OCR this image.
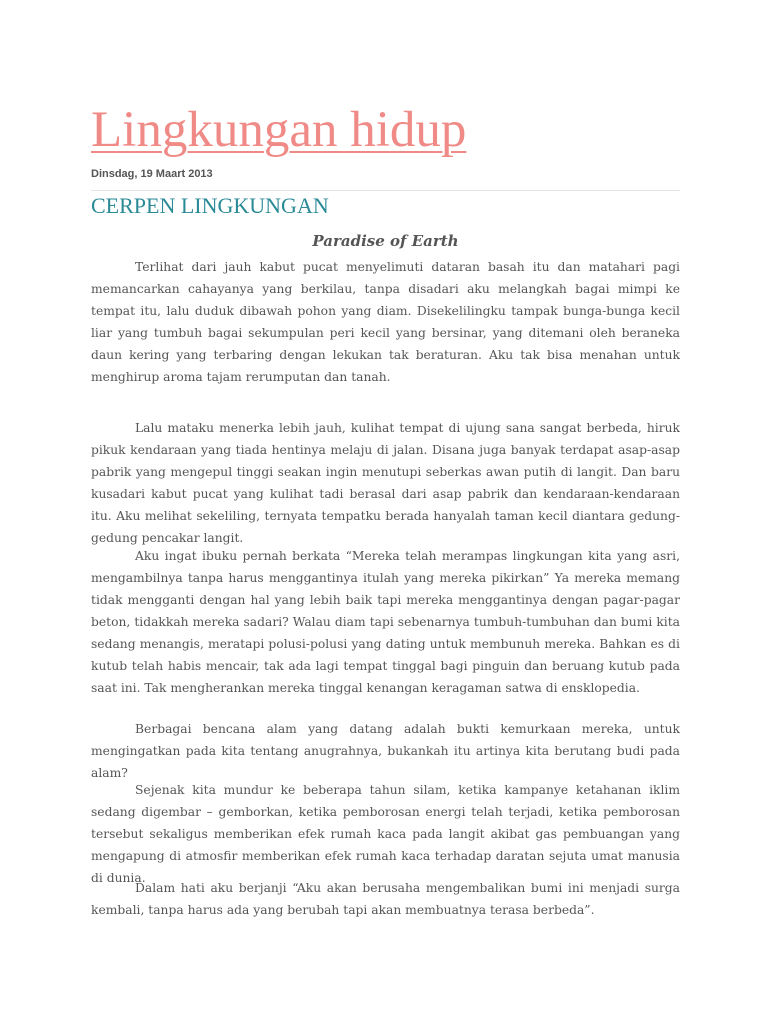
Lingkungan hidup
Dinsdag, 19 Maart 2013
CERPEN LINGKUNGAN
Paradise of Earth

Terlihat dari jauh kabut pucat menyelimuti dataran basah itu dan matahari pagi memancarkan cahayanya yang berkilau, tanpa disadari aku melangkah bagai mimpi ke tempat itu, lalu duduk dibawah pohon yang diam. Disekelilingku tampak bunga-bunga kecil liar yang tumbuh bagai sekumpulan peri kecil yang bersinar, yang ditemani oleh beraneka daun kering yang terbaring dengan lekukan tak beraturan. Aku tak bisa menahan untuk menghirup aroma tajam rerumputan dan tanah.

Lalu mataku menerka lebih jauh, kulihat tempat di ujung sana sangat berbeda, hiruk pikuk kendaraan yang tiada hentinya melaju di jalan. Disana juga banyak terdapat asap-asap pabrik yang mengepul tinggi seakan ingin menutupi seberkas awan putih di langit. Dan baru kusadari kabut pucat yang kulihat tadi berasal dari asap pabrik dan kendaraan-kendaraan itu. Aku melihat sekeliling, ternyata tempatku berada hanyalah taman kecil diantara gedung-gedung pencakar langit.

Aku ingat ibuku pernah berkata “Mereka telah merampas lingkungan kita yang asri, mengambilnya tanpa harus menggantinya itulah yang mereka pikirkan” Ya mereka memang tidak mengganti dengan hal yang lebih baik tapi mereka menggantinya dengan pagar-pagar beton, tidakkah mereka sadari? Walau diam tapi sebenarnya tumbuh-tumbuhan dan bumi kita sedang menangis, meratapi polusi-polusi yang dating untuk membunuh mereka. Bahkan es di kutub telah habis mencair, tak ada lagi tempat tinggal bagi pinguin dan beruang kutub pada saat ini. Tak mengherankan mereka tinggal kenangan keragaman satwa di ensklopedia.

Berbagai bencana alam yang datang adalah bukti kemurkaan mereka, untuk mengingatkan pada kita tentang anugrahnya, bukankah itu artinya kita berutang budi pada alam?

Sejenak kita mundur ke beberapa tahun silam, ketika kampanye ketahanan iklim sedang digembar – gemborkan, ketika pemborosan energi telah terjadi, ketika pemborosan tersebut sekaligus memberikan efek rumah kaca pada langit akibat gas pembuangan yang mengapung di atmosfir memberikan efek rumah kaca terhadap daratan sejuta umat manusia di dunia.

Dalam hati aku berjanji “Aku akan berusaha mengembalikan bumi ini menjadi surga kembali, tanpa harus ada yang berubah tapi akan membuatnya terasa berbeda”.
